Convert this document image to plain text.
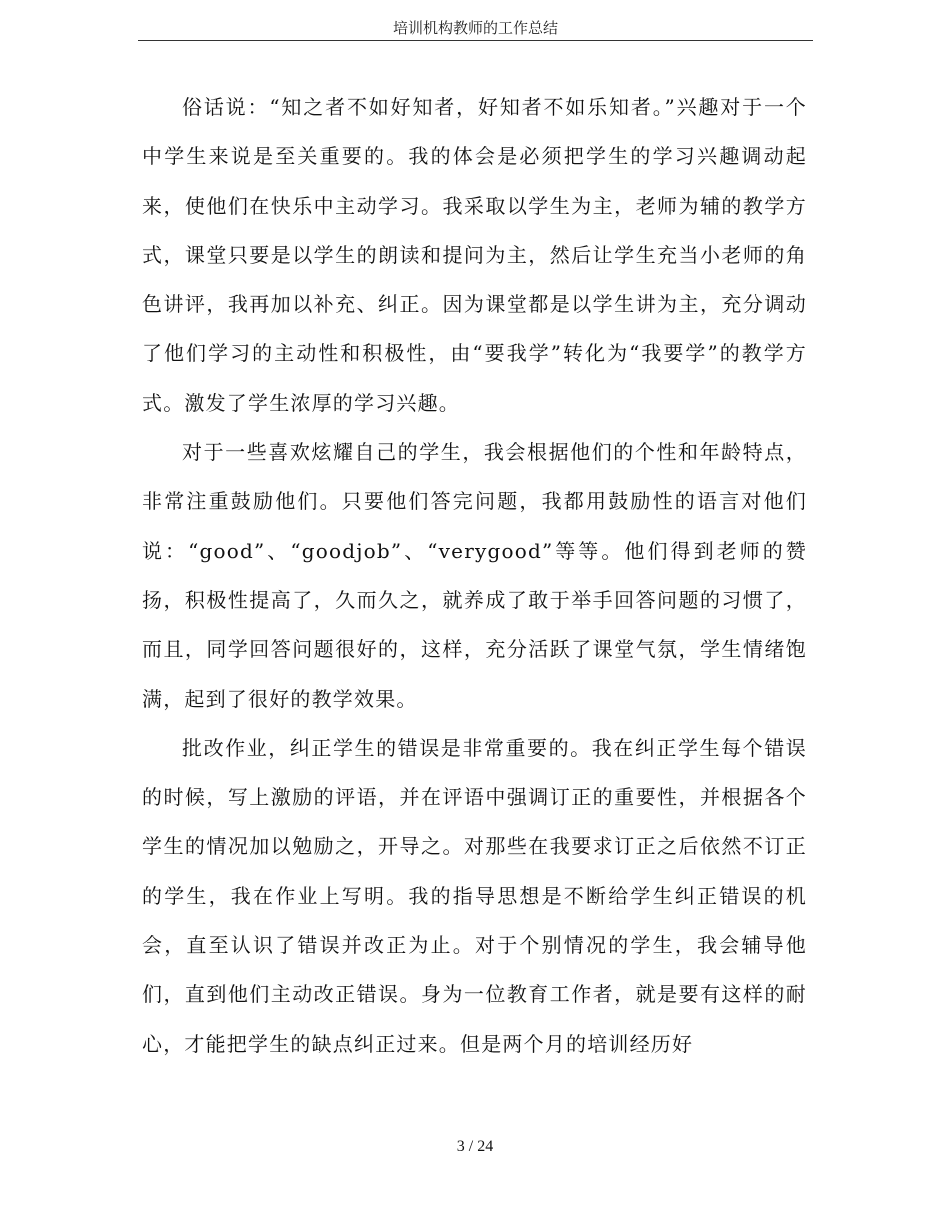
培训机构教师的工作总结

俗话说：“知之者不如好知者，好知者不如乐知者。”兴趣对于一个中学生来说是至关重要的。我的体会是必须把学生的学习兴趣调动起来，使他们在快乐中主动学习。我采取以学生为主，老师为辅的教学方式，课堂只要是以学生的朗读和提问为主，然后让学生充当小老师的角色讲评，我再加以补充、纠正。因为课堂都是以学生讲为主，充分调动了他们学习的主动性和积极性，由“要我学”转化为“我要学”的教学方式。激发了学生浓厚的学习兴趣。

对于一些喜欢炫耀自己的学生，我会根据他们的个性和年龄特点，非常注重鼓励他们。只要他们答完问题，我都用鼓励性的语言对他们说：“good”、“goodjob”、“verygood”等等。他们得到老师的赞扬，积极性提高了，久而久之，就养成了敢于举手回答问题的习惯了，而且，同学回答问题很好的，这样，充分活跃了课堂气氛，学生情绪饱满，起到了很好的教学效果。

批改作业，纠正学生的错误是非常重要的。我在纠正学生每个错误的时候，写上激励的评语，并在评语中强调订正的重要性，并根据各个学生的情况加以勉励之，开导之。对那些在我要求订正之后依然不订正的学生，我在作业上写明。我的指导思想是不断给学生纠正错误的机会，直至认识了错误并改正为止。对于个别情况的学生，我会辅导他们，直到他们主动改正错误。身为一位教育工作者，就是要有这样的耐心，才能把学生的缺点纠正过来。但是两个月的培训经历好

3 / 24
